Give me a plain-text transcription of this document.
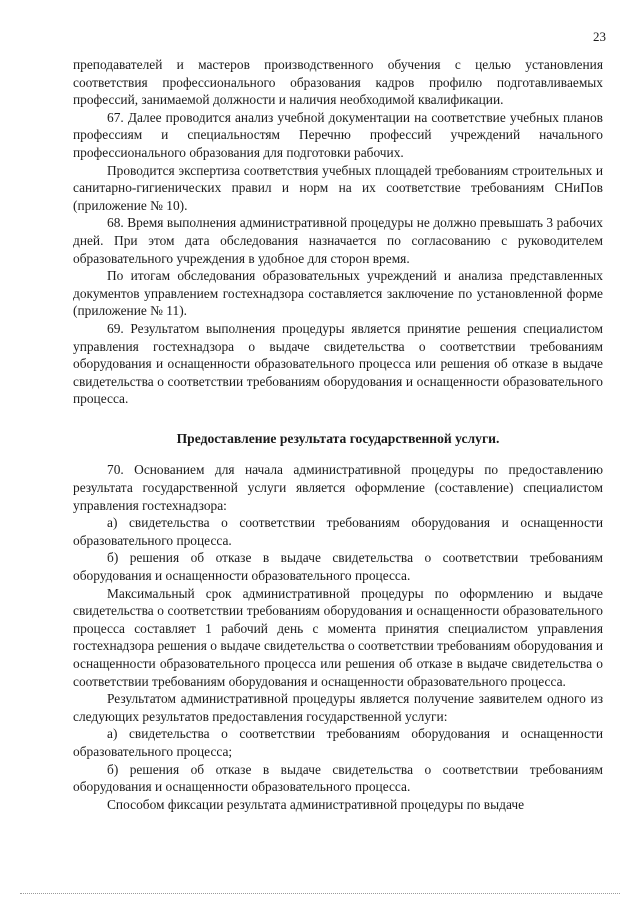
23

преподавателей и мастеров производственного обучения с целью установления соответствия профессионального образования кадров профилю подготавливаемых профессий, занимаемой должности и наличия необходимой квалификации.

67. Далее проводится анализ учебной документации на соответствие учебных планов профессиям и специальностям Перечню профессий учреждений начального профессионального образования для подготовки рабочих.

Проводится экспертиза соответствия учебных площадей требованиям строительных и санитарно-гигиенических правил и норм на их соответствие требованиям СНиПов (приложение № 10).

68. Время выполнения административной процедуры не должно превышать 3 рабочих дней. При этом дата обследования назначается по согласованию с руководителем образовательного учреждения в удобное для сторон время.

По итогам обследования образовательных учреждений и анализа представленных документов управлением гостехнадзора составляется заключение по установленной форме (приложение № 11).

69. Результатом выполнения процедуры является принятие решения специалистом управления гостехнадзора о выдаче свидетельства о соответствии требованиям оборудования и оснащенности образовательного процесса или решения об отказе в выдаче свидетельства о соответствии требованиям оборудования и оснащенности образовательного процесса.

Предоставление результата государственной услуги.

70. Основанием для начала административной процедуры по предоставлению результата государственной услуги является оформление (составление) специалистом управления гостехнадзора:

а) свидетельства о соответствии требованиям оборудования и оснащенности образовательного процесса.

б) решения об отказе в выдаче свидетельства о соответствии требованиям оборудования и оснащенности образовательного процесса.

Максимальный срок административной процедуры по оформлению и выдаче свидетельства о соответствии требованиям оборудования и оснащенности образовательного процесса составляет 1 рабочий день с момента принятия специалистом управления гостехнадзора решения о выдаче свидетельства о соответствии требованиям оборудования и оснащенности образовательного процесса или решения об отказе в выдаче свидетельства о соответствии требованиям оборудования и оснащенности образовательного процесса.

Результатом административной процедуры является получение заявителем одного из следующих результатов предоставления государственной услуги:

а) свидетельства о соответствии требованиям оборудования и оснащенности образовательного процесса;

б) решения об отказе в выдаче свидетельства о соответствии требованиям оборудования и оснащенности образовательного процесса.

Способом фиксации результата административной процедуры по выдаче
